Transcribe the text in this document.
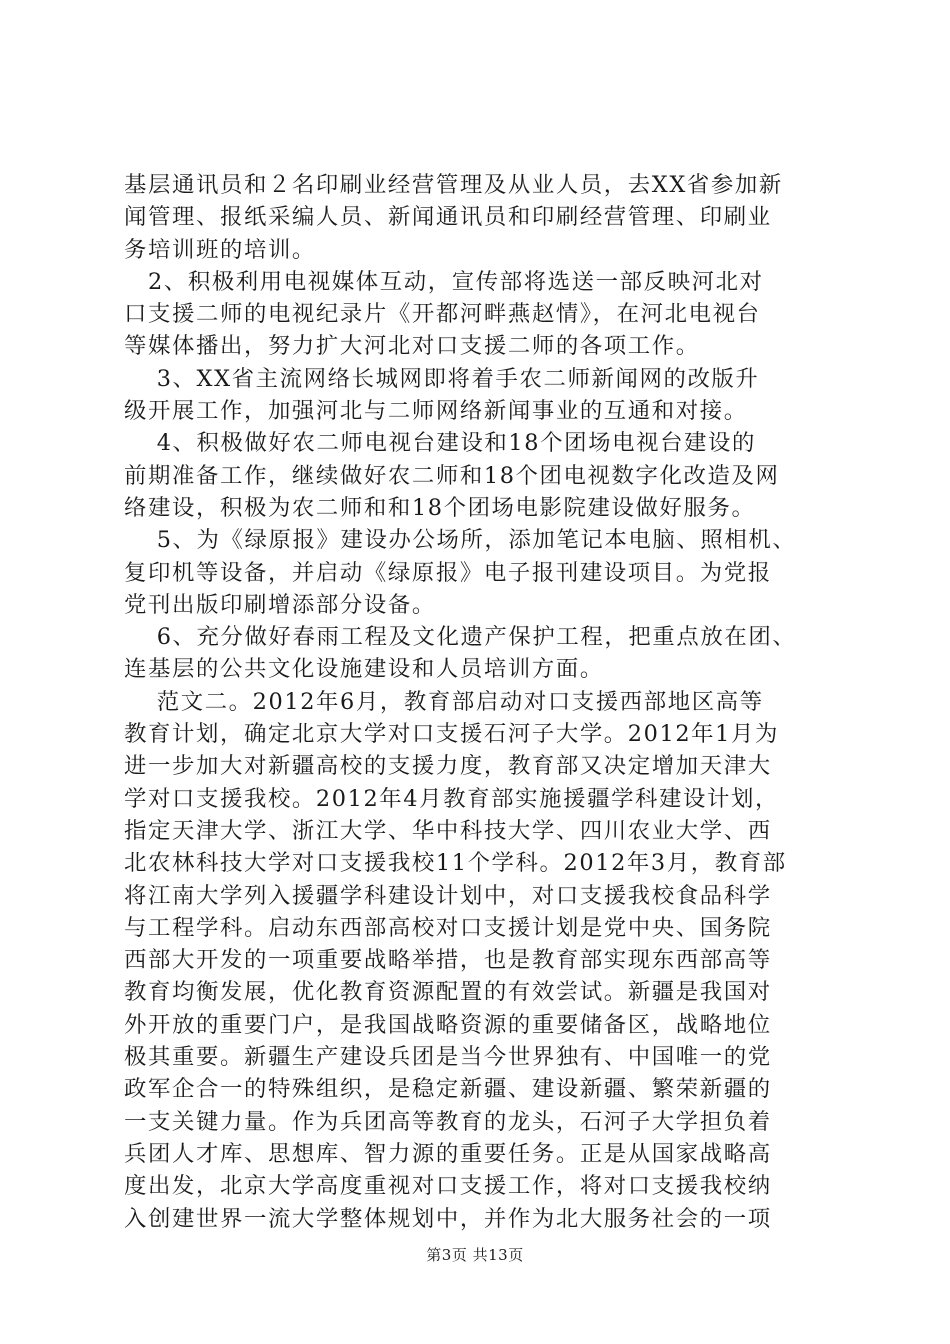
基层通讯员和２名印刷业经营管理及从业人员，去XX省参加新
闻管理、报纸采编人员、新闻通讯员和印刷经营管理、印刷业
务培训班的培训。
　2、积极利用电视媒体互动，宣传部将选送一部反映河北对
口支援二师的电视纪录片《开都河畔燕赵情》，在河北电视台
等媒体播出，努力扩大河北对口支援二师的各项工作。
　 3、XX省主流网络长城网即将着手农二师新闻网的改版升
级开展工作，加强河北与二师网络新闻事业的互通和对接。
　 4、积极做好农二师电视台建设和18个团场电视台建设的
前期准备工作，继续做好农二师和18个团电视数字化改造及网
络建设，积极为农二师和和18个团场电影院建设做好服务。
　 5、为《绿原报》建设办公场所，添加笔记本电脑、照相机、
复印机等设备，并启动《绿原报》电子报刊建设项目。为党报
党刊出版印刷增添部分设备。
　 6、充分做好春雨工程及文化遗产保护工程，把重点放在团、
连基层的公共文化设施建设和人员培训方面。
　 范文二。2012年6月，教育部启动对口支援西部地区高等
教育计划，确定北京大学对口支援石河子大学。2012年1月为
进一步加大对新疆高校的支援力度，教育部又决定增加天津大
学对口支援我校。2012年4月教育部实施援疆学科建设计划，
指定天津大学、浙江大学、华中科技大学、四川农业大学、西
北农林科技大学对口支援我校11个学科。2012年3月，教育部
将江南大学列入援疆学科建设计划中，对口支援我校食品科学
与工程学科。启动东西部高校对口支援计划是党中央、国务院
西部大开发的一项重要战略举措，也是教育部实现东西部高等
教育均衡发展，优化教育资源配置的有效尝试。新疆是我国对
外开放的重要门户，是我国战略资源的重要储备区，战略地位
极其重要。新疆生产建设兵团是当今世界独有、中国唯一的党
政军企合一的特殊组织，是稳定新疆、建设新疆、繁荣新疆的
一支关键力量。作为兵团高等教育的龙头，石河子大学担负着
兵团人才库、思想库、智力源的重要任务。正是从国家战略高
度出发，北京大学高度重视对口支援工作，将对口支援我校纳
入创建世界一流大学整体规划中，并作为北大服务社会的一项
第3页 共13页
